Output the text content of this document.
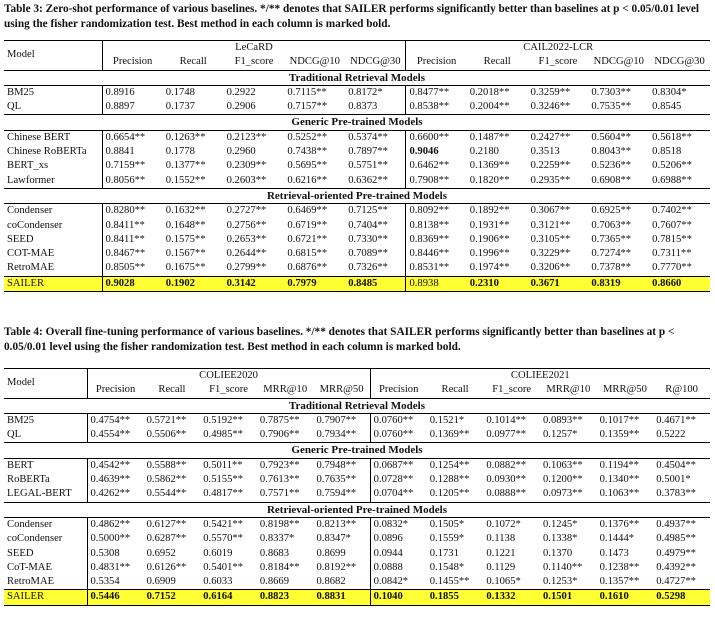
Table 3: Zero-shot performance of various baselines. */** denotes that SAILER performs significantly better than baselines at p < 0.05/0.01 level using the fisher randomization test. Best method in each column is marked bold.
Model	LeCaRD					CAIL2022-LCR				
	Precision	Recall	F1_score	NDCG@10	NDCG@30	Precision	Recall	F1_score	NDCG@10	NDCG@30
Traditional Retrieval Models										
BM25	0.8916	0.1748	0.2922	0.7115**	0.8172*	0.8477**	0.2018**	0.3259**	0.7303**	0.8304*
QL	0.8897	0.1737	0.2906	0.7157**	0.8373	0.8538**	0.2004**	0.3246**	0.7535**	0.8545
Generic Pre-trained Models										
Chinese BERT	0.6654**	0.1263**	0.2123**	0.5252**	0.5374**	0.6600**	0.1487**	0.2427**	0.5604**	0.5618**
Chinese RoBERTa	0.8841	0.1778	0.2960	0.7438**	0.7897**	0.9046	0.2180	0.3513	0.8043**	0.8518
BERT_xs	0.7159**	0.1377**	0.2309**	0.5695**	0.5751**	0.6462**	0.1369**	0.2259**	0.5236**	0.5206**
Lawformer	0.8056**	0.1552**	0.2603**	0.6216**	0.6362**	0.7908**	0.1820**	0.2935**	0.6908**	0.6988**
Retrieval-oriented Pre-trained Models										
Condenser	0.8280**	0.1632**	0.2727**	0.6469**	0.7125**	0.8092**	0.1892**	0.3067**	0.6925**	0.7402**
coCondenser	0.8411**	0.1648**	0.2756**	0.6719**	0.7404**	0.8138**	0.1931**	0.3121**	0.7063**	0.7607**
SEED	0.8411**	0.1575**	0.2653**	0.6721**	0.7330**	0.8369**	0.1906**	0.3105**	0.7365**	0.7815**
COT-MAE	0.8467**	0.1567**	0.2644**	0.6815**	0.7089**	0.8446**	0.1996**	0.3229**	0.7274**	0.7311**
RetroMAE	0.8505**	0.1675**	0.2799**	0.6876**	0.7326**	0.8531**	0.1974**	0.3206**	0.7378**	0.7770**
SAILER	0.9028	0.1902	0.3142	0.7979	0.8485	0.8938	0.2310	0.3671	0.8319	0.8660
Table 4: Overall fine-tuning performance of various baselines. */** denotes that SAILER performs significantly better than baselines at p < 0.05/0.01 level using the fisher randomization test. Best method in each column is marked bold.
Model	COLIEE2020					COLIEE2021					
	Precision	Recall	F1_score	MRR@10	MRR@50	Precision	Recall	F1_score	MRR@10	MRR@50	R@100
Traditional Retrieval Models											
BM25	0.4754**	0.5721**	0.5192**	0.7875**	0.7907**	0.0760**	0.1521*	0.1014**	0.0893**	0.1017**	0.4671**
QL	0.4554**	0.5506**	0.4985**	0.7906**	0.7934**	0.0760**	0.1369**	0.0977**	0.1257*	0.1359**	0.5222
Generic Pre-trained Models											
BERT	0.4542**	0.5588**	0.5011**	0.7923**	0.7948**	0.0687**	0.1254**	0.0882**	0.1063**	0.1194**	0.4504**
RoBERTa	0.4639**	0.5862**	0.5155**	0.7613**	0.7635**	0.0728**	0.1288**	0.0930**	0.1200**	0.1340**	0.5001*
LEGAL-BERT	0.4262**	0.5544**	0.4817**	0.7571**	0.7594**	0.0704**	0.1205**	0.0888**	0.0973**	0.1063**	0.3783**
Retrieval-oriented Pre-trained Models											
Condenser	0.4862**	0.6127**	0.5421**	0.8198**	0.8213**	0.0832*	0.1505*	0.1072*	0.1245*	0.1376**	0.4937**
coCondenser	0.5000**	0.6287**	0.5570**	0.8337*	0.8347*	0.0896	0.1559*	0.1138	0.1338*	0.1444*	0.4985**
SEED	0.5308	0.6952	0.6019	0.8683	0.8699	0.0944	0.1731	0.1221	0.1370	0.1473	0.4979**
CoT-MAE	0.4831**	0.6126**	0.5401**	0.8184**	0.8192**	0.0888	0.1548*	0.1129	0.1140**	0.1238**	0.4392**
RetroMAE	0.5354	0.6909	0.6033	0.8669	0.8682	0.0842*	0.1455**	0.1065*	0.1253*	0.1357**	0.4727**
SAILER	0.5446	0.7152	0.6164	0.8823	0.8831	0.1040	0.1855	0.1332	0.1501	0.1610	0.5298
